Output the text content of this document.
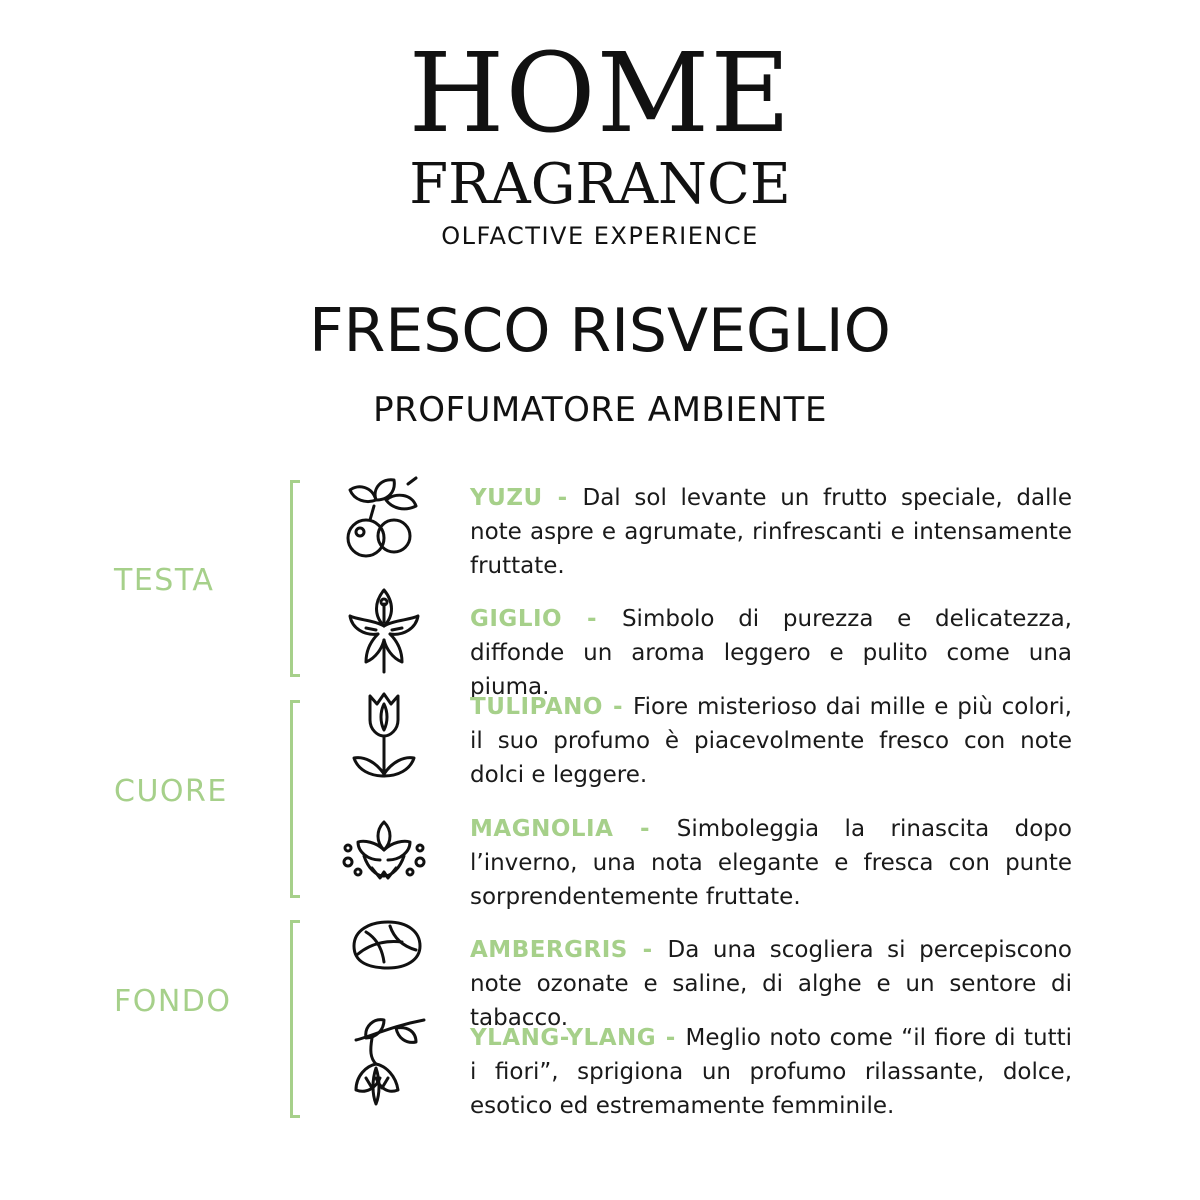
HOME
FRAGRANCE
OLFACTIVE EXPERIENCE
FRESCO RISVEGLIO
PROFUMATORE AMBIENTE
TESTA
CUORE
FONDO
YUZU - Dal sol levante un frutto speciale, dalle note aspre e agrumate, rinfrescanti e intensamente fruttate.
GIGLIO - Simbolo di purezza e delicatezza, diffonde un aroma leggero e pulito come una piuma.
TULIPANO - Fiore misterioso dai mille e più colori, il suo profumo è piacevolmente fresco con note dolci e leggere.
MAGNOLIA - Simboleggia la rinascita dopo l’inverno, una nota elegante e fresca con punte sorprendentemente fruttate.
AMBERGRIS - Da una scogliera si percepiscono note ozonate e saline, di alghe e un sentore di tabacco.
YLANG-YLANG - Meglio noto come “il fiore di tutti i fiori”, sprigiona un profumo rilassante, dolce, esotico ed estremamente femminile.
